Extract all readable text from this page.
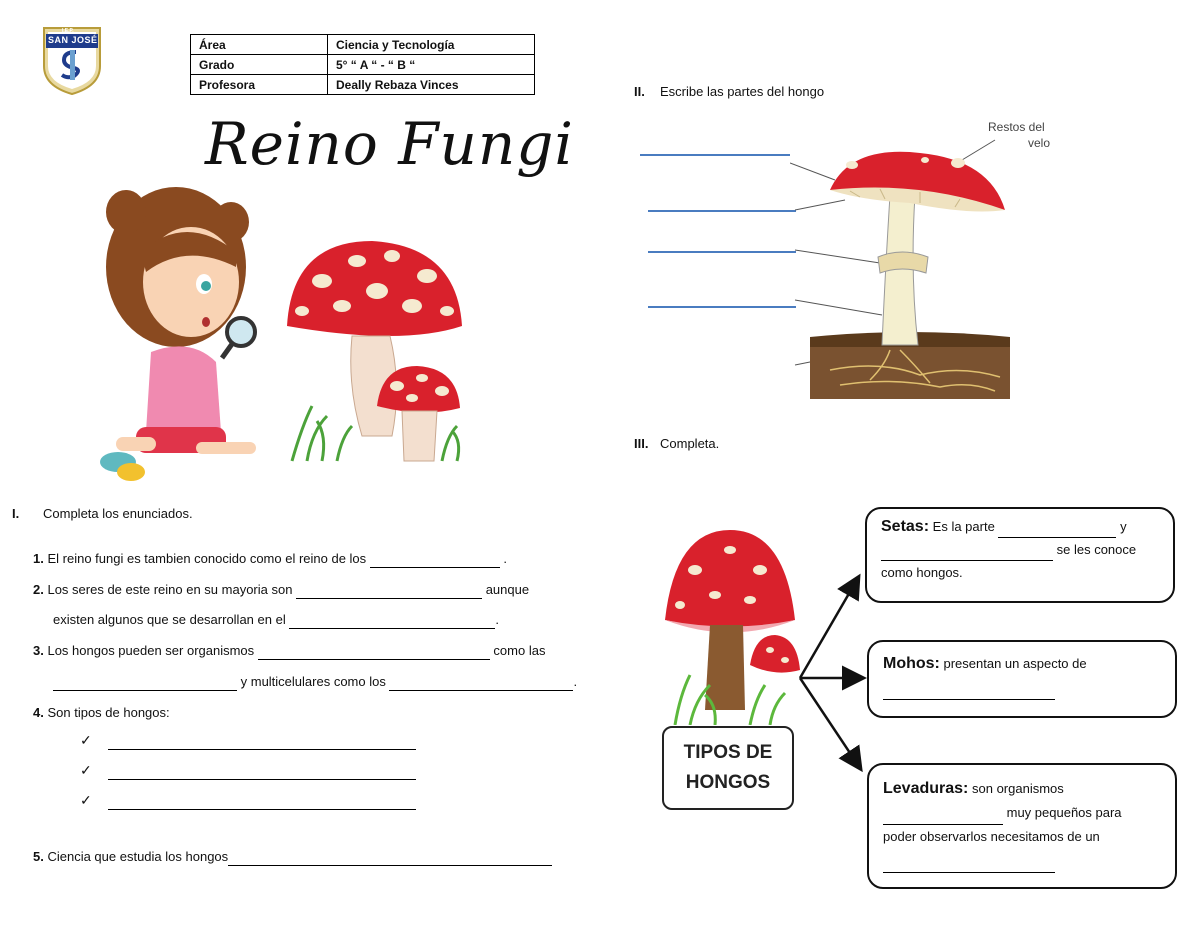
I.E.P.
SAN JOSÉ	Área	Ciencia y Tecnología
Grado	5° “ A “ - “ B “
Profesora	Deally Rebaza Vinces
Reino Fungi
I. Completa los enunciados.
1. El reino fungi es tambien conocido como el reino de los	.
2. Los seres de este reino en su mayoria son	aunque
existen algunos que se desarrollan en el	.
3. Los hongos pueden ser organismos	como las
y multicelulares como los	.
4. Son tipos de hongos:
✓
✓
✓
5. Ciencia que estudia los hongos
II. Escribe las partes del hongo
Restos del
velo
III. Completa.
TIPOS DE
HONGOS
Setas: Es la parte	y
se les conoce
como hongos.
Mohos: presentan un aspecto de

Levaduras: son organismos
muy pequeños para
poder observarlos necesitamos de un
